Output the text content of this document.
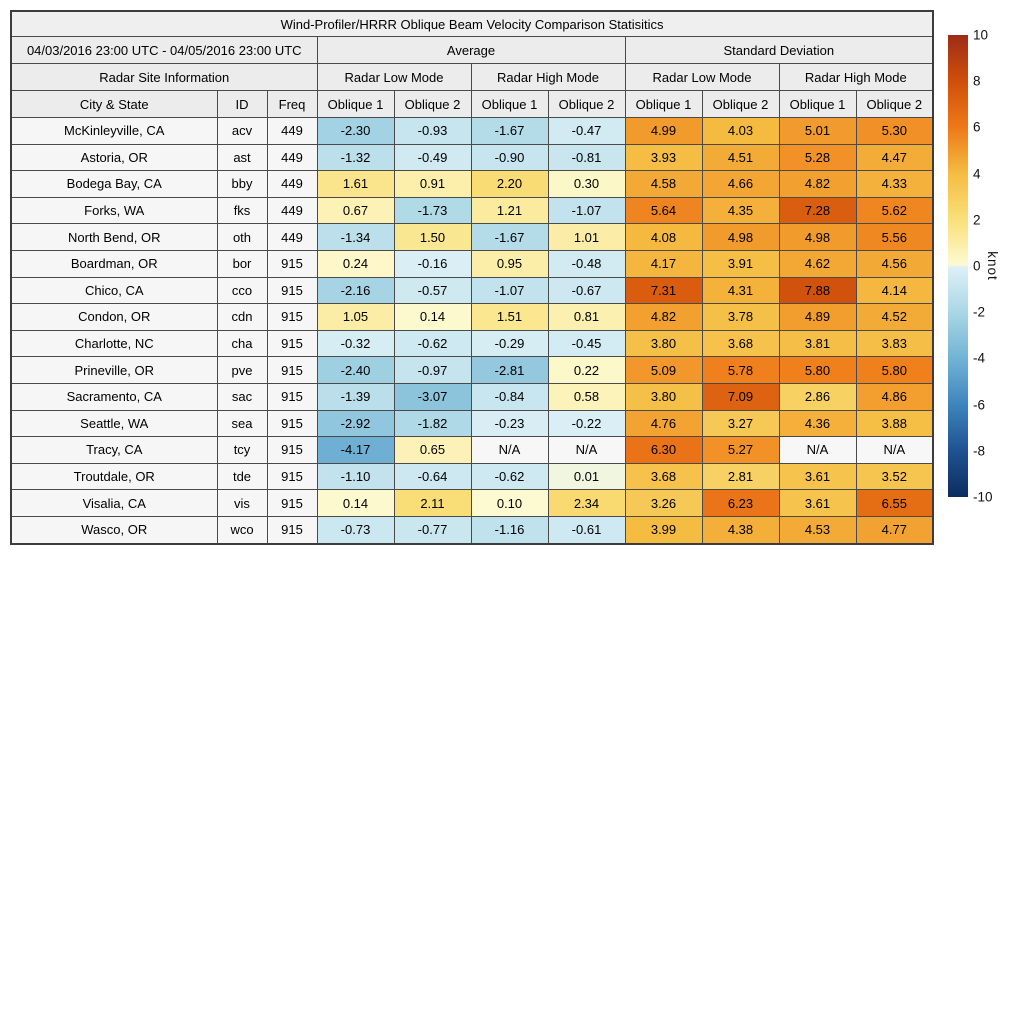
Wind-Profiler/HRRR Oblique Beam Velocity Comparison Statisitics										
04/03/2016 23:00 UTC - 04/05/2016 23:00 UTC			Average				Standard Deviation			
Radar Site Information			Radar Low Mode		Radar High Mode		Radar Low Mode		Radar High Mode	
City & State	ID	Freq	Oblique 1	Oblique 2	Oblique 1	Oblique 2	Oblique 1	Oblique 2	Oblique 1	Oblique 2
McKinleyville, CA	acv	449	-2.30	-0.93	-1.67	-0.47	4.99	4.03	5.01	5.30
Astoria, OR	ast	449	-1.32	-0.49	-0.90	-0.81	3.93	4.51	5.28	4.47
Bodega Bay, CA	bby	449	1.61	0.91	2.20	0.30	4.58	4.66	4.82	4.33
Forks, WA	fks	449	0.67	-1.73	1.21	-1.07	5.64	4.35	7.28	5.62
North Bend, OR	oth	449	-1.34	1.50	-1.67	1.01	4.08	4.98	4.98	5.56
Boardman, OR	bor	915	0.24	-0.16	0.95	-0.48	4.17	3.91	4.62	4.56
Chico, CA	cco	915	-2.16	-0.57	-1.07	-0.67	7.31	4.31	7.88	4.14
Condon, OR	cdn	915	1.05	0.14	1.51	0.81	4.82	3.78	4.89	4.52
Charlotte, NC	cha	915	-0.32	-0.62	-0.29	-0.45	3.80	3.68	3.81	3.83
Prineville, OR	pve	915	-2.40	-0.97	-2.81	0.22	5.09	5.78	5.80	5.80
Sacramento, CA	sac	915	-1.39	-3.07	-0.84	0.58	3.80	7.09	2.86	4.86
Seattle, WA	sea	915	-2.92	-1.82	-0.23	-0.22	4.76	3.27	4.36	3.88
Tracy, CA	tcy	915	-4.17	0.65	N/A	N/A	6.30	5.27	N/A	N/A
Troutdale, OR	tde	915	-1.10	-0.64	-0.62	0.01	3.68	2.81	3.61	3.52
Visalia, CA	vis	915	0.14	2.11	0.10	2.34	3.26	6.23	3.61	6.55
Wasco, OR	wco	915	-0.73	-0.77	-1.16	-0.61	3.99	4.38	4.53	4.77
10
8
6
4
2
0
-2
-4
-6
-8
-10
knot
